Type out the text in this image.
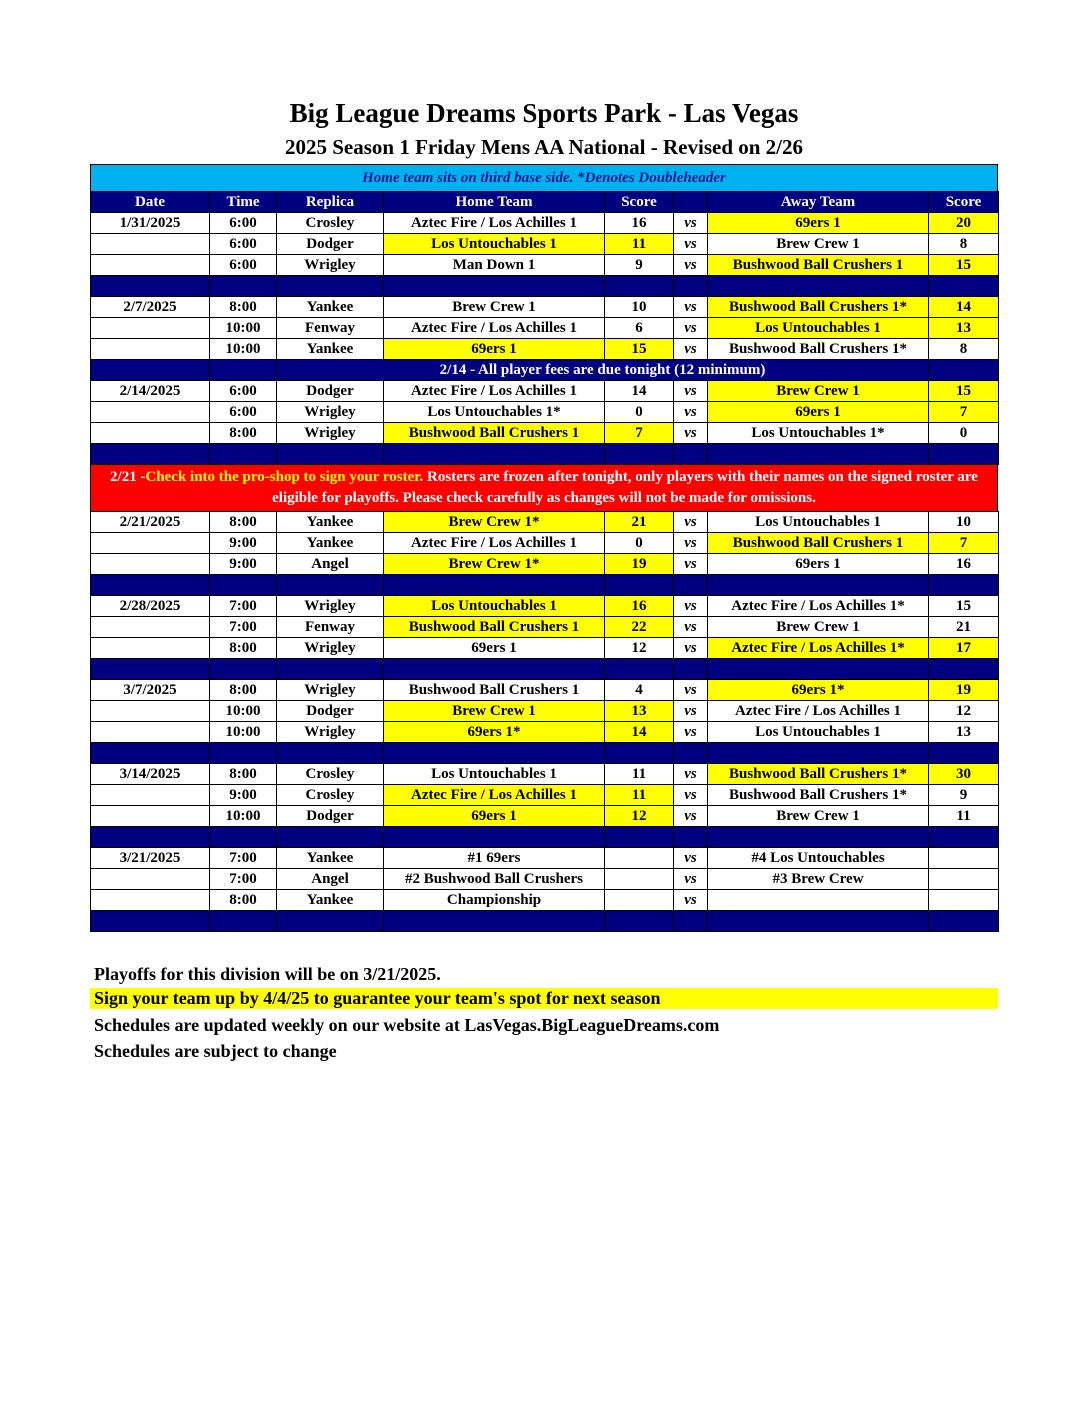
Big League Dreams Sports Park - Las Vegas
2025 Season 1 Friday Mens AA National - Revised on 2/26
Home team sits on third base side. *Denotes Doubleheader
Date	Time	Replica	Home Team	Score		Away Team	Score
1/31/2025	6:00	Crosley	Aztec Fire / Los Achilles 1	16	vs	69ers 1	20
	6:00	Dodger	Los Untouchables 1	11	vs	Brew Crew 1	8
	6:00	Wrigley	Man Down 1	9	vs	Bushwood Ball Crushers 1	15

2/7/2025	8:00	Yankee	Brew Crew 1	10	vs	Bushwood Ball Crushers 1*	14
	10:00	Fenway	Aztec Fire / Los Achilles 1	6	vs	Los Untouchables 1	13
	10:00	Yankee	69ers 1	15	vs	Bushwood Ball Crushers 1*	8
		2/14 - All player fees are due tonight (12 minimum)					
2/14/2025	6:00	Dodger	Aztec Fire / Los Achilles 1	14	vs	Brew Crew 1	15
	6:00	Wrigley	Los Untouchables 1*	0	vs	69ers 1	7
	8:00	Wrigley	Bushwood Ball Crushers 1	7	vs	Los Untouchables 1*	0

2/21 -Check into the pro-shop to sign your roster. Rosters are frozen after tonight, only players with their names on the signed roster are eligible for playoffs. Please check carefully as changes will not be made for omissions.
2/21/2025	8:00	Yankee	Brew Crew 1*	21	vs	Los Untouchables 1	10
	9:00	Yankee	Aztec Fire / Los Achilles 1	0	vs	Bushwood Ball Crushers 1	7
	9:00	Angel	Brew Crew 1*	19	vs	69ers 1	16

2/28/2025	7:00	Wrigley	Los Untouchables 1	16	vs	Aztec Fire / Los Achilles 1*	15
	7:00	Fenway	Bushwood Ball Crushers 1	22	vs	Brew Crew 1	21
	8:00	Wrigley	69ers 1	12	vs	Aztec Fire / Los Achilles 1*	17

3/7/2025	8:00	Wrigley	Bushwood Ball Crushers 1	4	vs	69ers 1*	19
	10:00	Dodger	Brew Crew 1	13	vs	Aztec Fire / Los Achilles 1	12
	10:00	Wrigley	69ers 1*	14	vs	Los Untouchables 1	13

3/14/2025	8:00	Crosley	Los Untouchables 1	11	vs	Bushwood Ball Crushers 1*	30
	9:00	Crosley	Aztec Fire / Los Achilles 1	11	vs	Bushwood Ball Crushers 1*	9
	10:00	Dodger	69ers 1	12	vs	Brew Crew 1	11

3/21/2025	7:00	Yankee	#1 69ers		vs	#4 Los Untouchables	
	7:00	Angel	#2 Bushwood Ball Crushers		vs	#3 Brew Crew	
	8:00	Yankee	Championship		vs		

Playoffs for this division will be on 3/21/2025.
Sign your team up by 4/4/25 to guarantee your team's spot for next season
Schedules are updated weekly on our website at LasVegas.BigLeagueDreams.com
Schedules are subject to change
